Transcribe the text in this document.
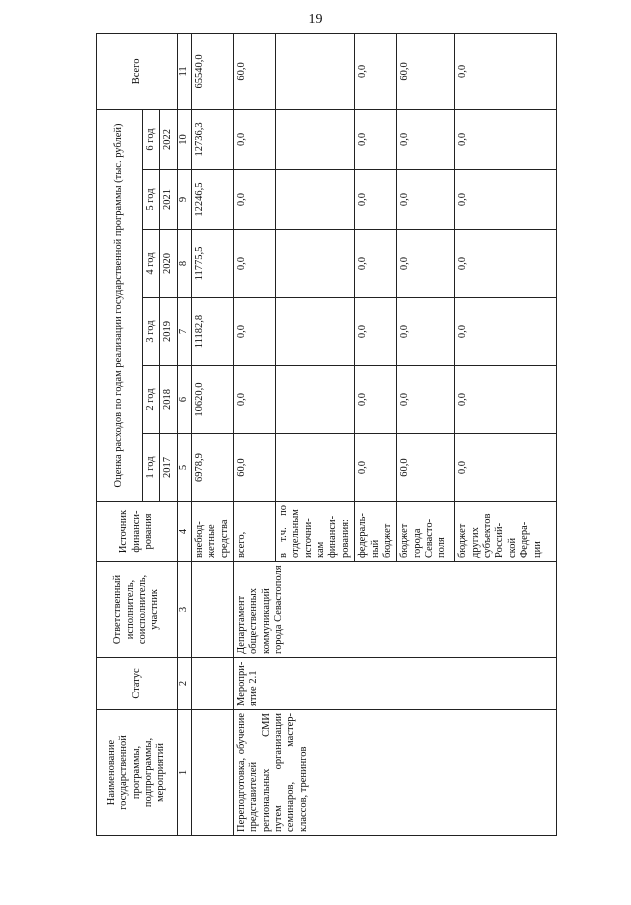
19
Наименование государственной программы, подпрограммы, мероприятий	Статус	Ответственный исполнитель, соисполнитель, участник	Источник финанси-рования	Оценка расходов по годам реализации государственной программы (тыс. рублей)						Всего
				1 год	2 год	3 год	4 год	5 год	6 год	
				2017	2018	2019	2020	2021	2022	
1	2	3	4	5	6	7	8	9	10	11
			внебюд-жетные средства	6978,9	10620,0	11182,8	11775,5	12246,5	12736,3	65540,0
Переподготовка, обучение представителей региональных СМИ путем организации семинаров, мастер-классов, тренингов	Меропри-ятие 2.1	Департамент общественных коммуникаций города Севастополя	всего,	60,0	0,0	0,0	0,0	0,0	0,0	60,0
			в т.ч. по отдельным источни-кам финанси-рования:							
			федераль-ный бюджет	0,0	0,0	0,0	0,0	0,0	0,0	0,0
			бюджет города Севасто-поля	60,0	0,0	0,0	0,0	0,0	0,0	60,0
			бюджет других субъектов Россий-ской Федера-ции	0,0	0,0	0,0	0,0	0,0	0,0	0,0
